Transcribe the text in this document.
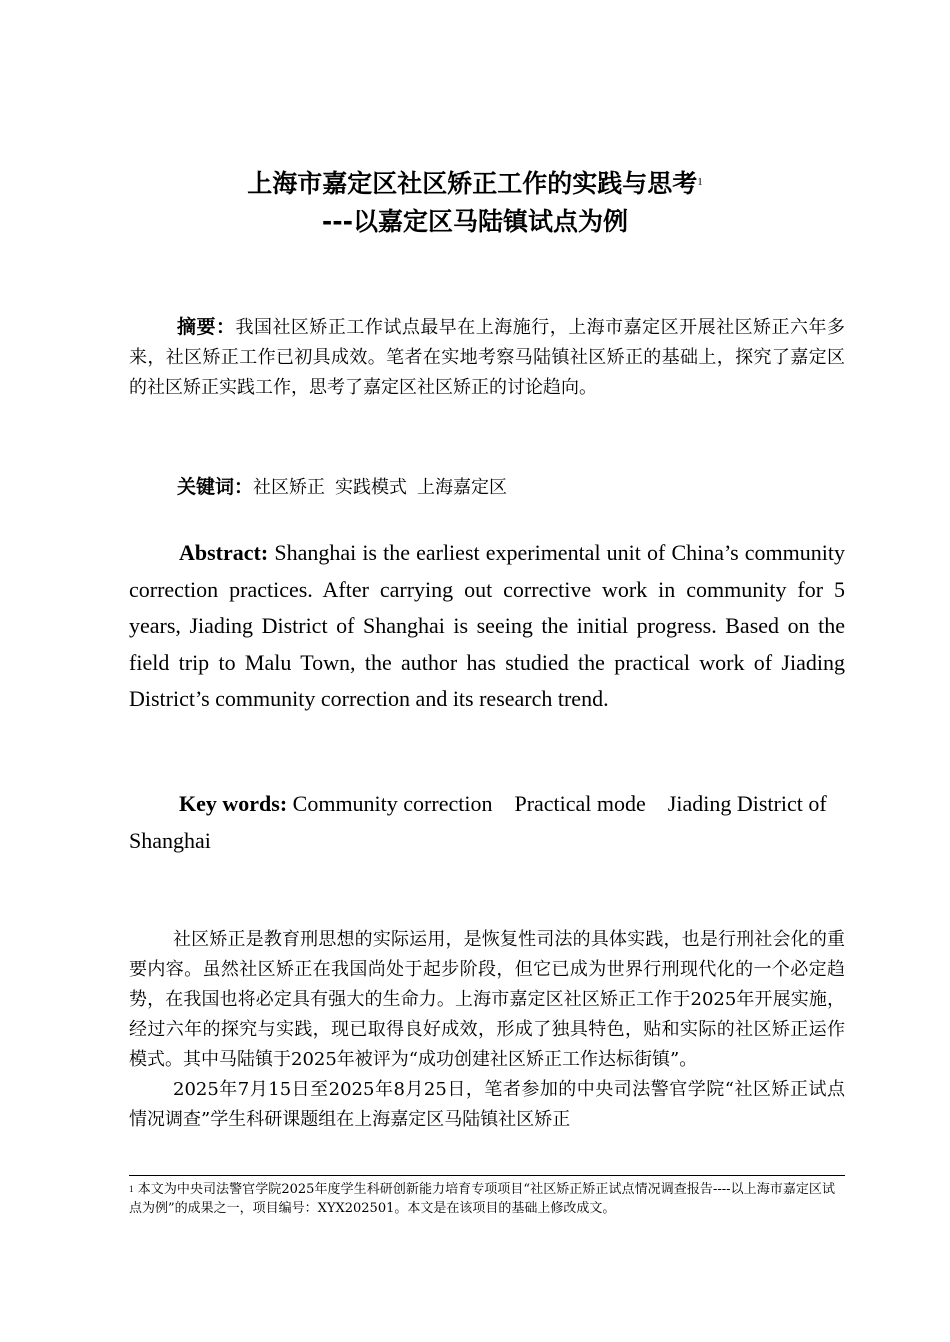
上海市嘉定区社区矫正工作的实践与思考$^1$
---以嘉定区马陆镇试点为例

摘要：我国社区矫正工作试点最早在上海施行，上海市嘉定区开展社区矫正六年多来，社区矫正工作已初具成效。笔者在实地考察马陆镇社区矫正的基础上，探究了嘉定区的社区矫正实践工作，思考了嘉定区社区矫正的讨论趋向。

关键词：社区矫正 实践模式 上海嘉定区

Abstract: Shanghai is the earliest experimental unit of China’s community correction practices. After carrying out corrective work in community for 5 years, Jiading District of Shanghai is seeing the initial progress. Based on the field trip to Malu Town, the author has studied the practical work of Jiading District’s community correction and its research trend.

Key words: Community correction Practical mode Jiading District of Shanghai

社区矫正是教育刑思想的实际运用，是恢复性司法的具体实践，也是行刑社会化的重要内容。虽然社区矫正在我国尚处于起步阶段，但它已成为世界行刑现代化的一个必定趋势，在我国也将必定具有强大的生命力。上海市嘉定区社区矫正工作于2025年开展实施，经过六年的探究与实践，现已取得良好成效，形成了独具特色，贴和实际的社区矫正运作模式。其中马陆镇于2025年被评为“成功创建社区矫正工作达标街镇”。

2025年7月15日至2025年8月25日，笔者参加的中央司法警官学院“社区矫正试点情况调查”学生科研课题组在上海嘉定区马陆镇社区矫正

$^1$ 本文为中央司法警官学院2025年度学生科研创新能力培育专项项目“社区矫正矫正试点情况调查报告----以上海市嘉定区试点为例”的成果之一，项目编号：XYX202501。本文是在该项目的基础上修改成文。
